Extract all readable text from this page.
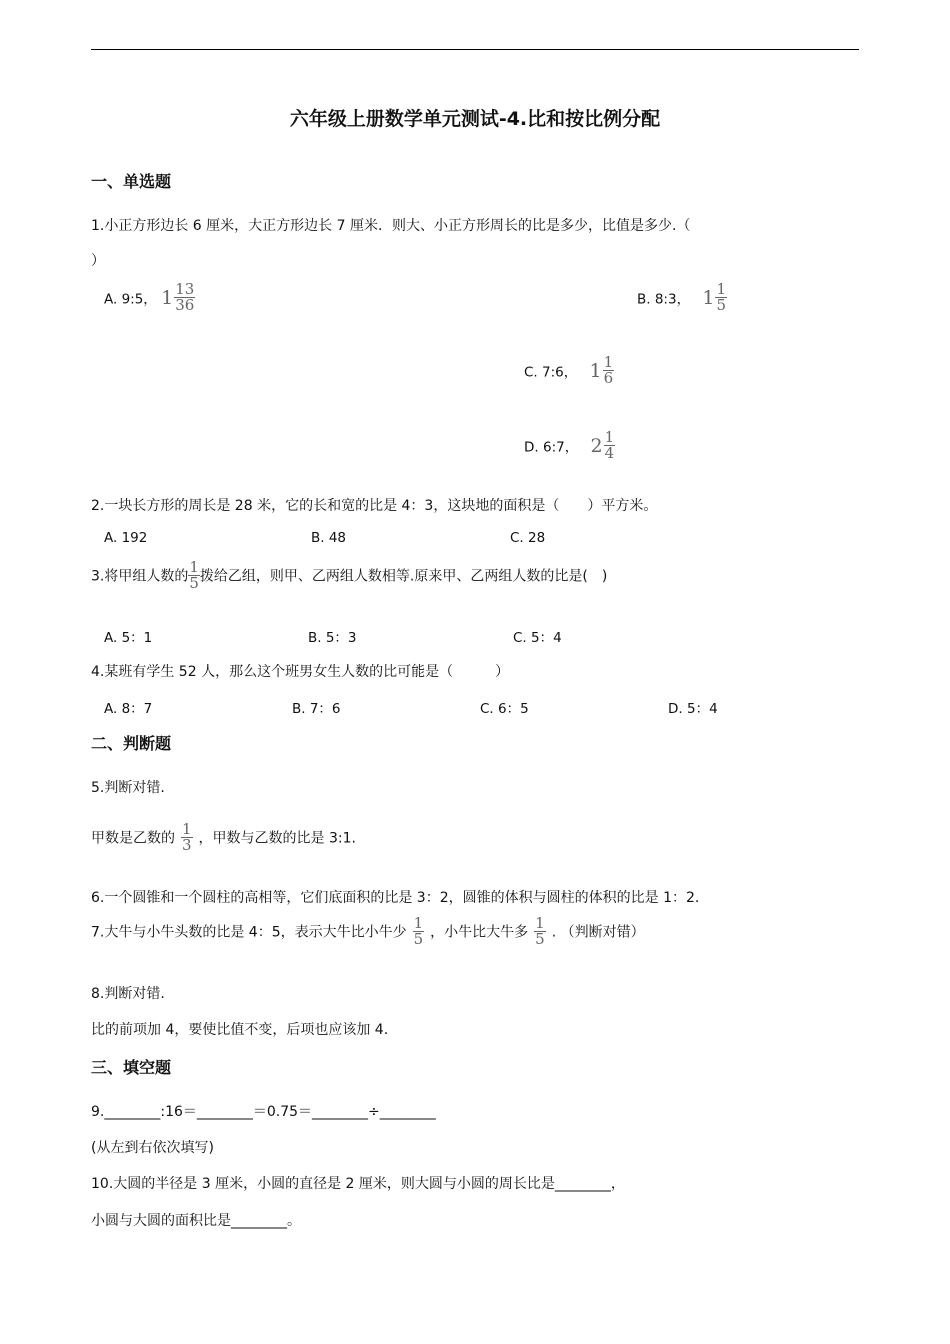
六年级上册数学单元测试-4.比和按比例分配
一、单选题
1.小正方形边长 6 厘米，大正方形边长 7 厘米．则大、小正方形周长的比是多少，比值是多少.（
）
A. 9:5， $1 \frac{13}{36}$	B. 8:3， $1 \frac{1}{5}$
C. 7:6， $1 \frac{1}{6}$
D. 6:7， $2 \frac{1}{4}$
2.一块长方形的周长是 28 米，它的长和宽的比是 4：3，这块地的面积是（　　）平方米。
A. 192	B. 48	C. 28
3.将甲组人数的 $\frac{1}{5}$ 拨给乙组，则甲、乙两组人数相等.原来甲、乙两组人数的比是(　)
A. 5：1	B. 5：3	C. 5：4
4.某班有学生 52 人，那么这个班男女生人数的比可能是（　　　）
A. 8：7	B. 7：6	C. 6：5	D. 5：4
二、判断题
5.判断对错.
甲数是乙数的 $\frac{1}{3}$ ，甲数与乙数的比是 3:1.
6.一个圆锥和一个圆柱的高相等，它们底面积的比是 3：2，圆锥的体积与圆柱的体积的比是 1：2.
7.大牛与小牛头数的比是 4：5，表示大牛比小牛少 $\frac{1}{5}$ ，小牛比大牛多 $\frac{1}{5}$ . （判断对错）
8.判断对错.
比的前项加 4，要使比值不变，后项也应该加 4.
三、填空题
9.________:16＝________＝0.75＝________÷________
(从左到右依次填写)
10.大圆的半径是 3 厘米，小圆的直径是 2 厘米，则大圆与小圆的周长比是________，
小圆与大圆的面积比是________。
